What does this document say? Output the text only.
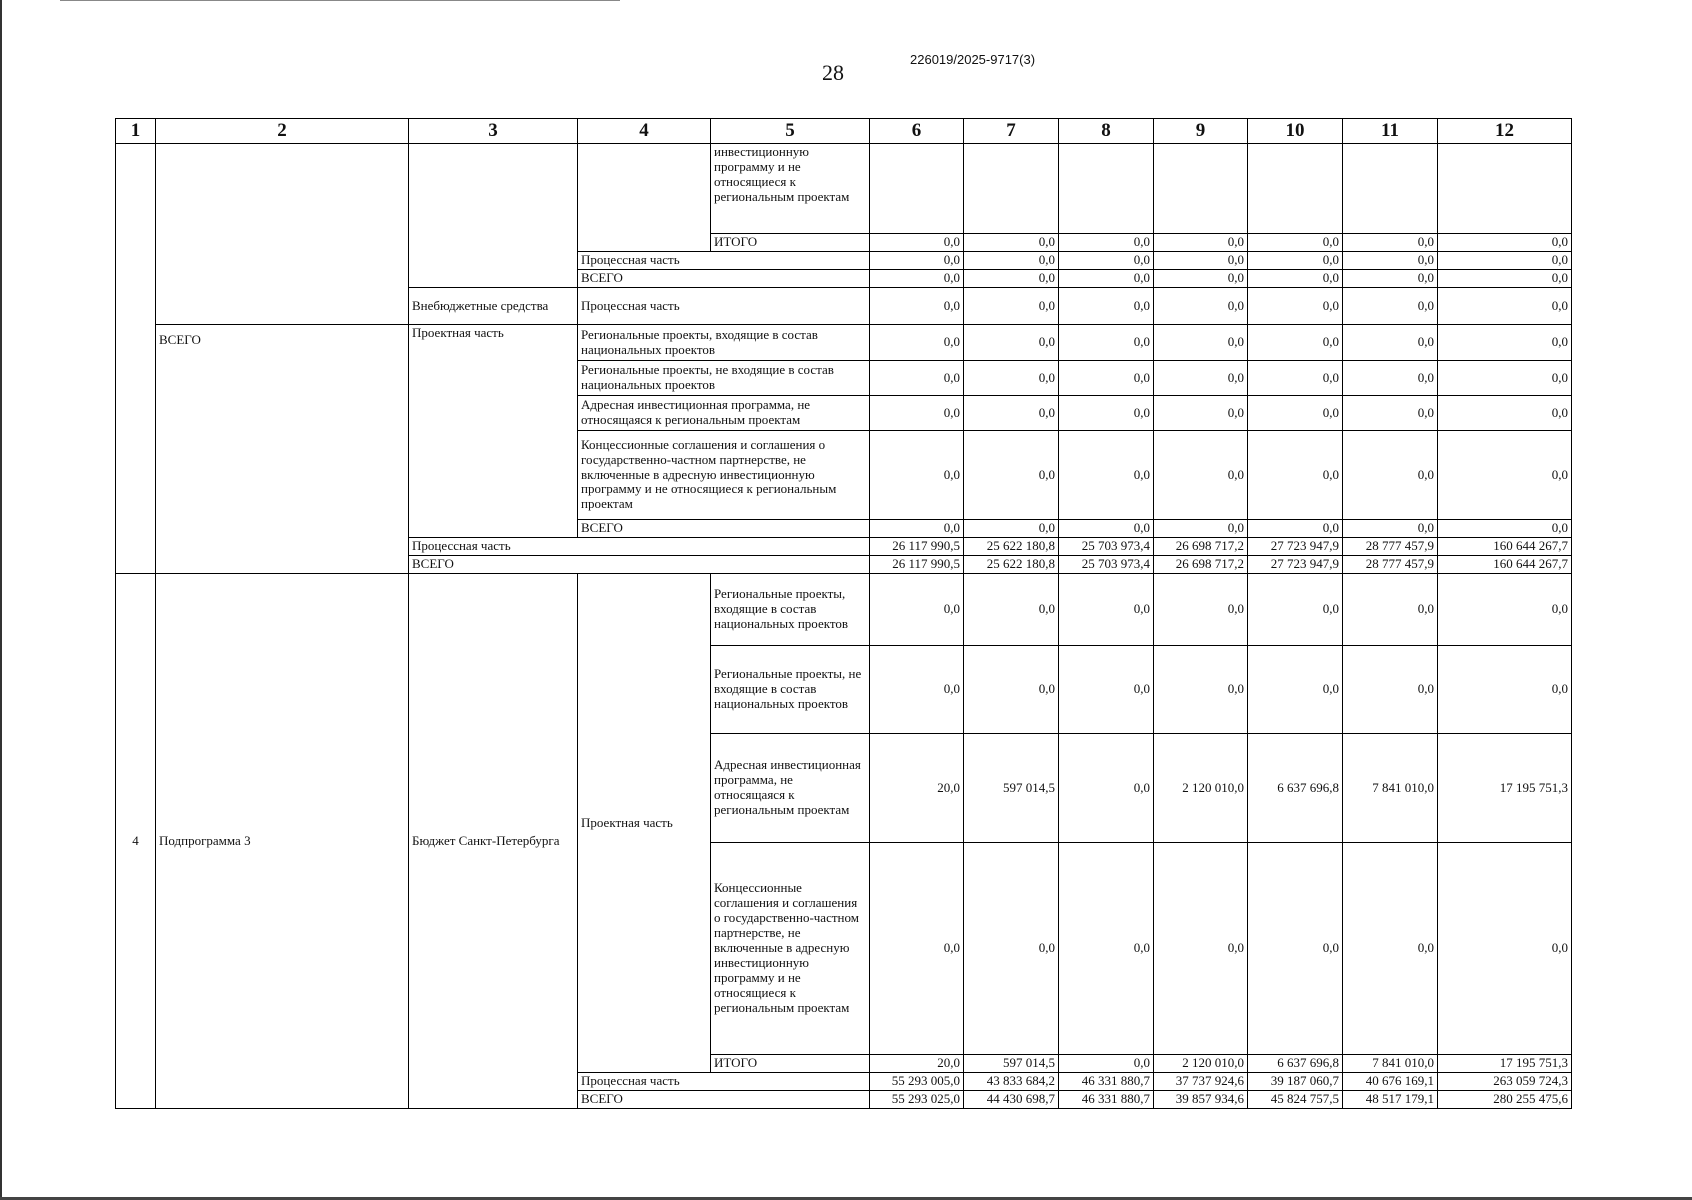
28
226019/2025-9717(3)
1	2	3	4	5	6	7	8	9	10	11	12
				инвестиционную программу и не относящиеся к региональным проектам							
				ИТОГО	0,0	0,0	0,0	0,0	0,0	0,0	0,0
			Процессная часть		0,0	0,0	0,0	0,0	0,0	0,0	0,0
			ВСЕГО		0,0	0,0	0,0	0,0	0,0	0,0	0,0
		Внебюджетные средства	Процессная часть		0,0	0,0	0,0	0,0	0,0	0,0	0,0
	ВСЕГО	Проектная часть	Региональные проекты, входящие в состав национальных проектов		0,0	0,0	0,0	0,0	0,0	0,0	0,0
			Региональные проекты, не входящие в состав национальных проектов		0,0	0,0	0,0	0,0	0,0	0,0	0,0
			Адресная инвестиционная программа, не относящаяся к региональным проектам		0,0	0,0	0,0	0,0	0,0	0,0	0,0
			Концессионные соглашения и соглашения о государственно-частном партнерстве, не включенные в адресную инвестиционную программу и не относящиеся к региональным проектам		0,0	0,0	0,0	0,0	0,0	0,0	0,0
			ВСЕГО		0,0	0,0	0,0	0,0	0,0	0,0	0,0
		Процессная часть			26 117 990,5	25 622 180,8	25 703 973,4	26 698 717,2	27 723 947,9	28 777 457,9	160 644 267,7
		ВСЕГО			26 117 990,5	25 622 180,8	25 703 973,4	26 698 717,2	27 723 947,9	28 777 457,9	160 644 267,7
4	Подпрограмма 3	Бюджет Санкт-Петербурга	Проектная часть	Региональные проекты, входящие в состав национальных проектов	0,0	0,0	0,0	0,0	0,0	0,0	0,0
				Региональные проекты, не входящие в состав национальных проектов	0,0	0,0	0,0	0,0	0,0	0,0	0,0
				Адресная инвестиционная программа, не относящаяся к региональным проектам	20,0	597 014,5	0,0	2 120 010,0	6 637 696,8	7 841 010,0	17 195 751,3
				Концессионные соглашения и соглашения о государственно-частном партнерстве, не включенные в адресную инвестиционную программу и не относящиеся к региональным проектам	0,0	0,0	0,0	0,0	0,0	0,0	0,0
				ИТОГО	20,0	597 014,5	0,0	2 120 010,0	6 637 696,8	7 841 010,0	17 195 751,3
			Процессная часть		55 293 005,0	43 833 684,2	46 331 880,7	37 737 924,6	39 187 060,7	40 676 169,1	263 059 724,3
			ВСЕГО		55 293 025,0	44 430 698,7	46 331 880,7	39 857 934,6	45 824 757,5	48 517 179,1	280 255 475,6
